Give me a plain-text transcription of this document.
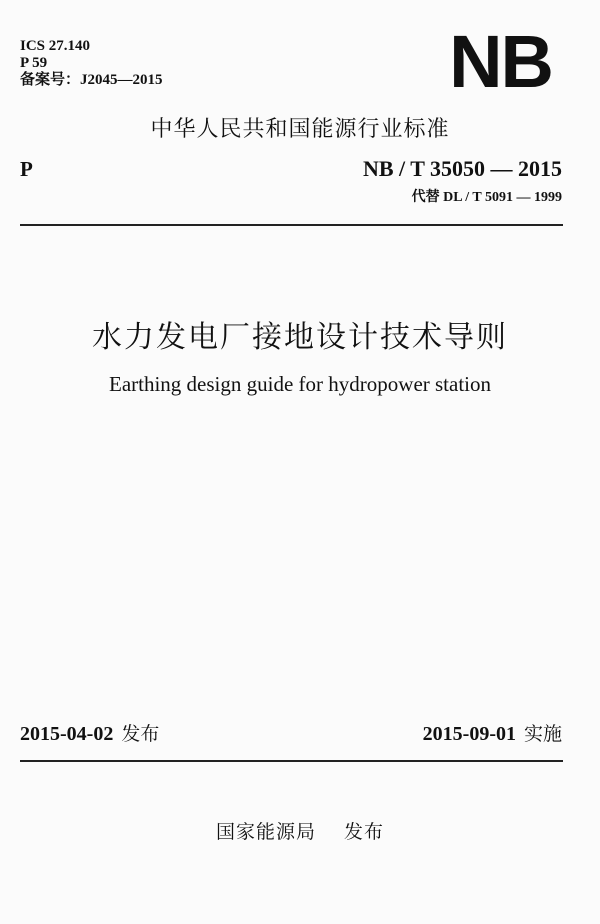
ICS 27.140
P 59
备案号：J2045—2015	NB
中华人民共和国能源行业标准
P	NB / T 35050 — 2015
代替 DL / T 5091 — 1999
水力发电厂接地设计技术导则
Earthing design guide for hydropower station
2015-04-02 发布	2015-09-01 实施
国家能源局 发布
